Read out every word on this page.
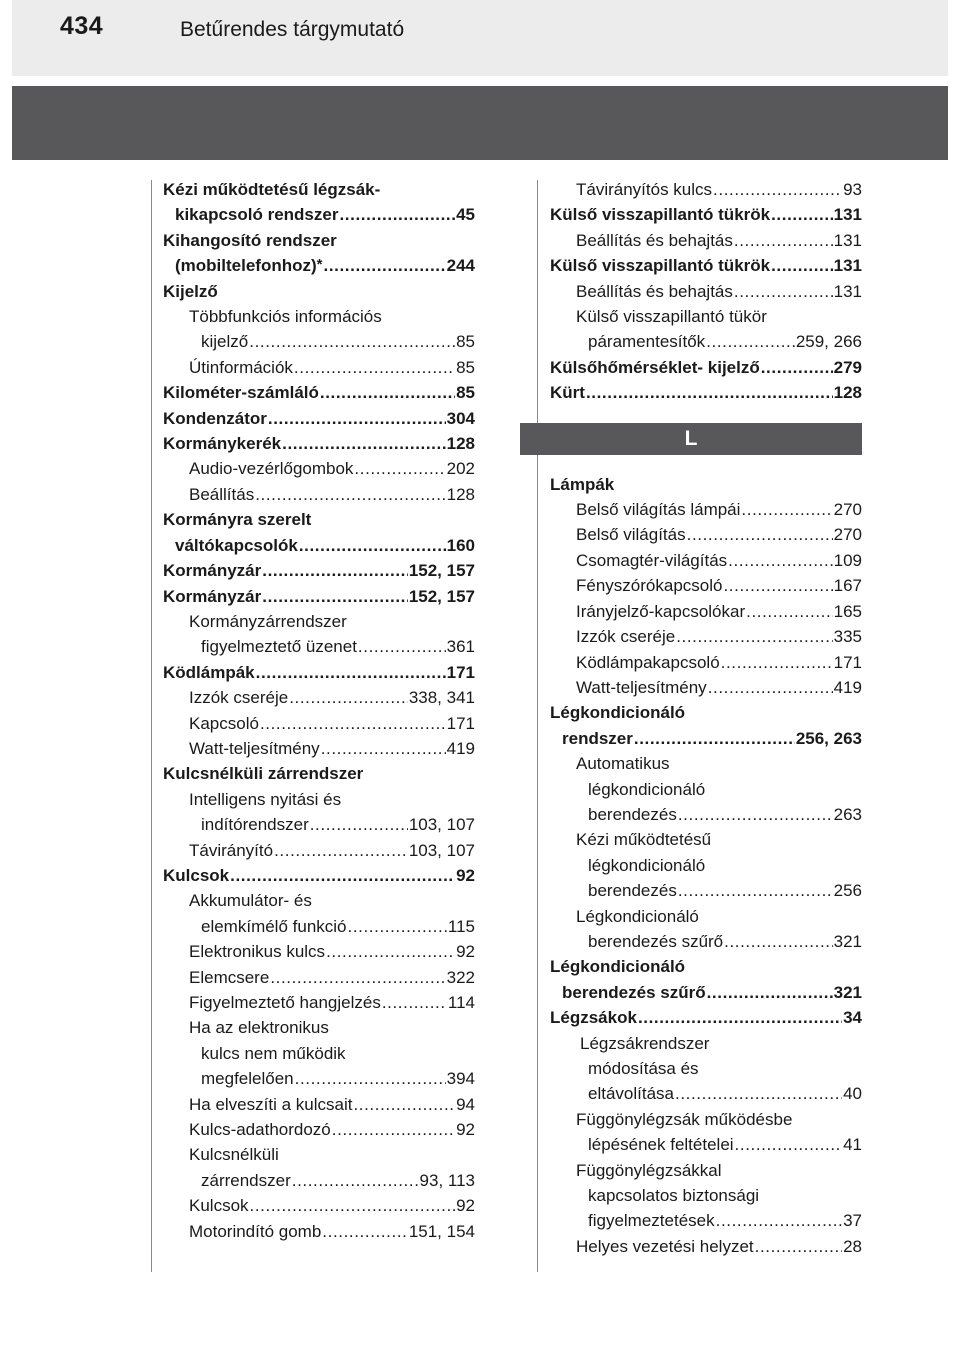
434	Betűrendes tárgymutató
Kézi működtetésű légzsák-
kikapcsoló rendszer .....	45
Kihangosító rendszer
(mobiltelefonhoz)* .....	244
Kijelző
Többfunkciós információs
kijelző .....	85
Útinformációk .....	85
Kilométer-számláló .....	85
Kondenzátor .....	304
Kormánykerék .....	128
Audio-vezérlőgombok .....	202
Beállítás .....	128
Kormányra szerelt
váltókapcsolók .....	160
Kormányzár .....	152, 157
Kormányzár .....	152, 157
Kormányzárrendszer
figyelmeztető üzenet .....	361
Ködlámpák .....	171
Izzók cseréje .....	338, 341
Kapcsoló .....	171
Watt-teljesítmény .....	419
Kulcsnélküli zárrendszer
Intelligens nyitási és
indítórendszer .....	103, 107
Távirányító .....	103, 107
Kulcsok .....	92
Akkumulátor- és
elemkímélő funkció .....	115
Elektronikus kulcs .....	92
Elemcsere .....	322
Figyelmeztető hangjelzés .....	114
Ha az elektronikus
kulcs nem működik
megfelelően .....	394
Ha elveszíti a kulcsait .....	94
Kulcs-adathordozó .....	92
Kulcsnélküli
zárrendszer .....	93, 113
Kulcsok .....	92
Motorindító gomb .....	151, 154
Távirányítós kulcs .....	93
Külső visszapillantó tükrök .....	131
Beállítás és behajtás .....	131
Külső visszapillantó tükrök .....	131
Beállítás és behajtás .....	131
Külső visszapillantó tükör
páramentesítők .....	259, 266
Külsőhőmérséklet- kijelző .....	279
Kürt .....	128
L
Lámpák
Belső világítás lámpái .....	270
Belső világítás .....	270
Csomagtér-világítás .....	109
Fényszórókapcsoló .....	167
Irányjelző-kapcsolókar .....	165
Izzók cseréje .....	335
Ködlámpakapcsoló .....	171
Watt-teljesítmény .....	419
Légkondicionáló
rendszer .....	256, 263
Automatikus
légkondicionáló
berendezés .....	263
Kézi működtetésű
légkondicionáló
berendezés .....	256
Légkondicionáló
berendezés szűrő .....	321
Légkondicionáló
berendezés szűrő .....	321
Légzsákok .....	34
Légzsákrendszer
módosítása és
eltávolítása .....	40
Függönylégzsák működésbe
lépésének feltételei .....	41
Függönylégzsákkal
kapcsolatos biztonsági
figyelmeztetések .....	37
Helyes vezetési helyzet .....	28
